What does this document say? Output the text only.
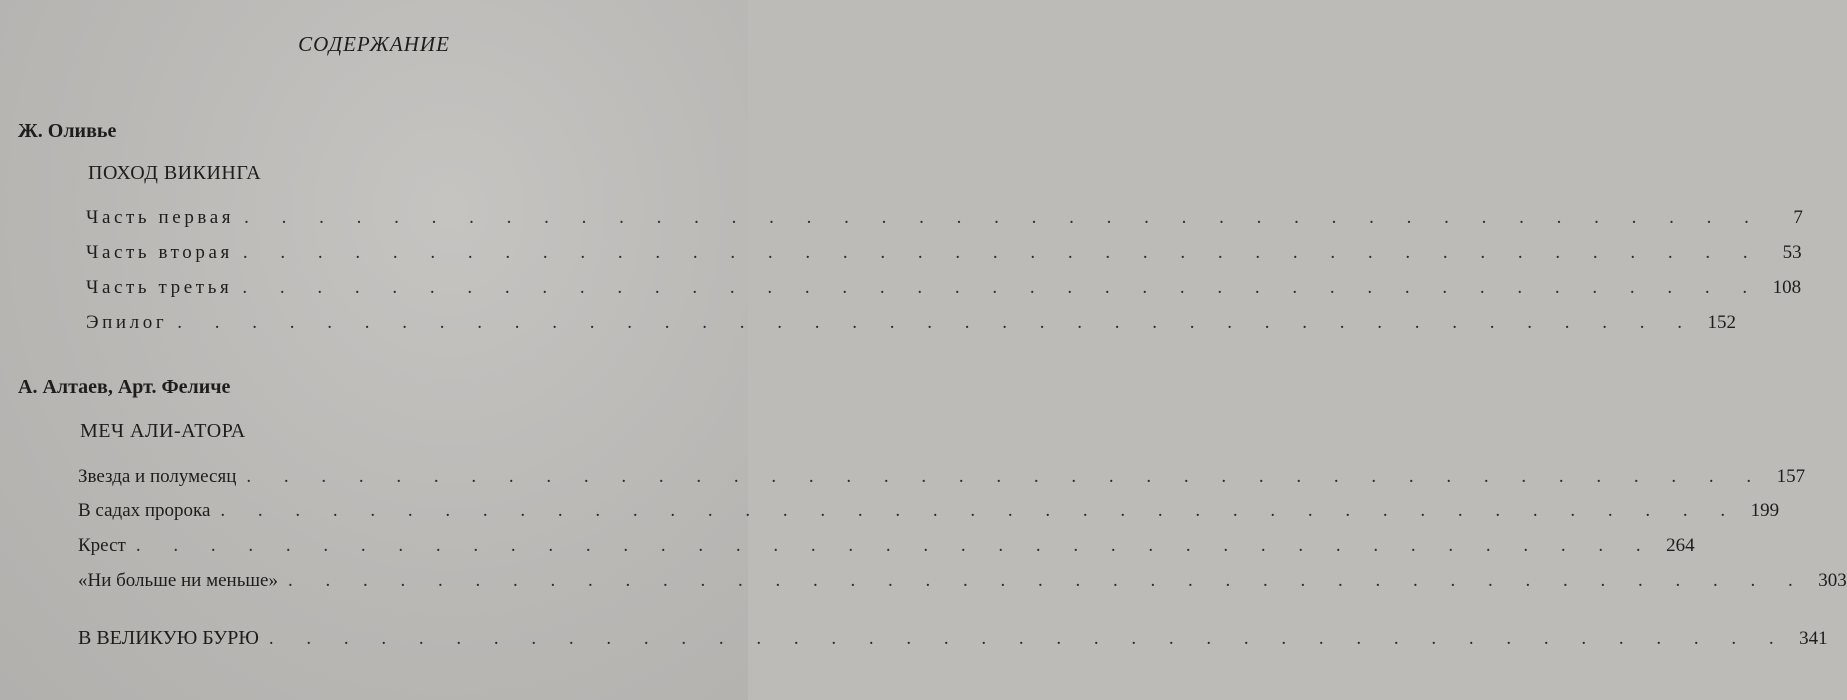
СОДЕРЖАНИЕ
Ж. Оливье
ПОХОД ВИКИНГА
Часть первая . . . . . . . . . . . . . . . . . . . . . . . . . . . . . . . . . . . . . . . . .	7
Часть вторая . . . . . . . . . . . . . . . . . . . . . . . . . . . . . . . . . . . . . . . . .	53
Часть третья . . . . . . . . . . . . . . . . . . . . . . . . . . . . . . . . . . . . . . . . . 108
Эпилог . . . . . . . . . . . . . . . . . . . . . . . . . . . . . . . . . . . . . . . . . 152
А. Алтаев, Арт. Феличе
МЕЧ АЛИ-АТОРА
Звезда и полумесяц . . . . . . . . . . . . . . . . . . . . . . . . . . . . . . . . . . . . . . . . . 157
В садах пророка . . . . . . . . . . . . . . . . . . . . . . . . . . . . . . . . . . . . . . . . . 199
Крест . . . . . . . . . . . . . . . . . . . . . . . . . . . . . . . . . . . . . . . . . 264
«Ни больше ни меньше» . . . . . . . . . . . . . . . . . . . . . . . . . . . . . . . . . . . . . . . . . 303
В ВЕЛИКУЮ БУРЮ . . . . . . . . . . . . . . . . . . . . . . . . . . . . . . . . . . . . . . . . . 341
